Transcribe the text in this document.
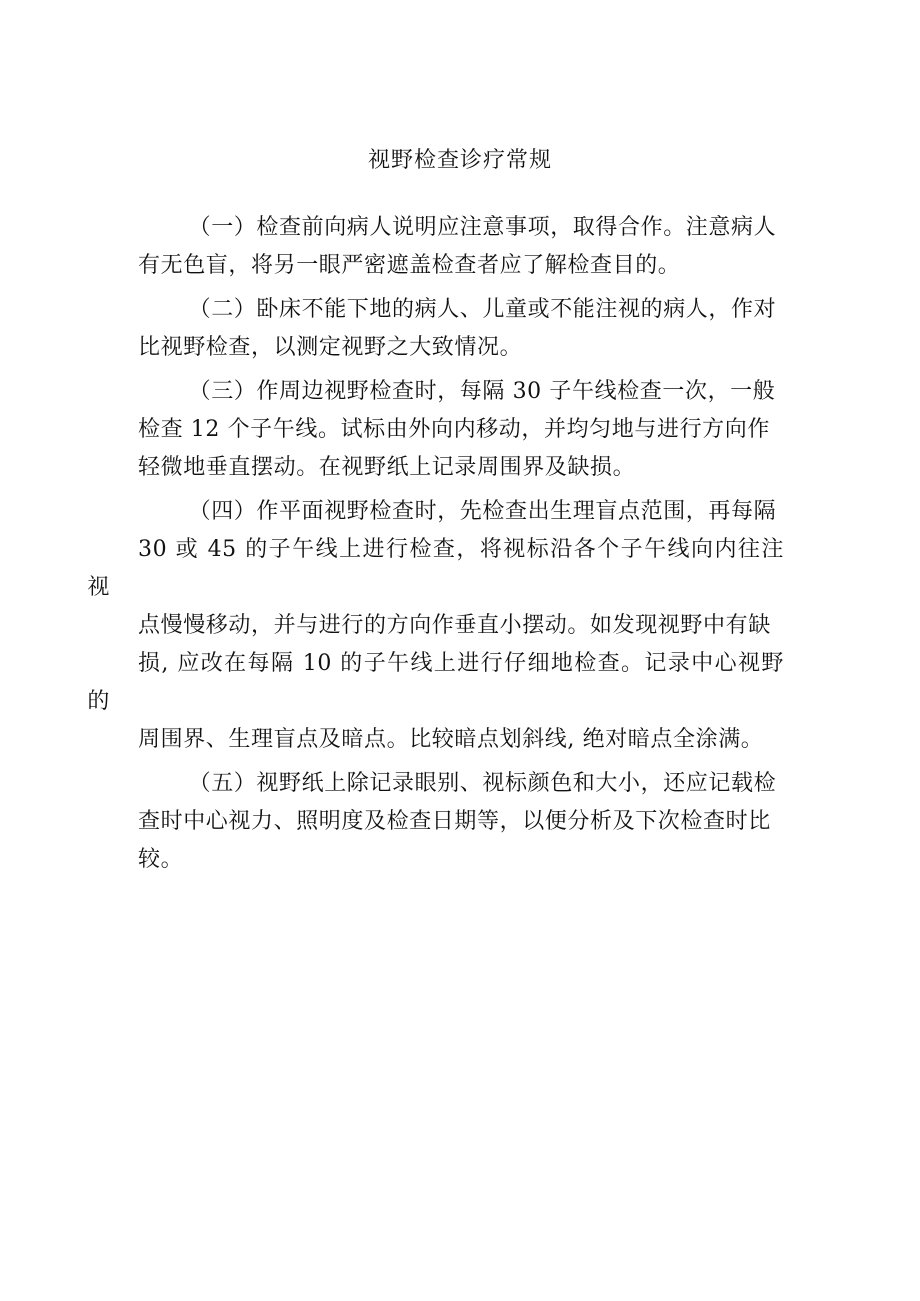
视野检查诊疗常规

（一）检查前向病人说明应注意事项，取得合作。注意病人
有无色盲，将另一眼严密遮盖检查者应了解检查目的。

（二）卧床不能下地的病人、儿童或不能注视的病人，作对
比视野检查，以测定视野之大致情况。

（三）作周边视野检查时，每隔 30 子午线检查一次，一般
检查 12 个子午线。试标由外向内移动，并均匀地与进行方向作
轻微地垂直摆动。在视野纸上记录周围界及缺损。

（四）作平面视野检查时，先检查出生理盲点范围，再每隔
30 或 45 的子午线上进行检查，将视标沿各个子午线向内往注视
点慢慢移动，并与进行的方向作垂直小摆动。如发现视野中有缺
损, 应改在每隔 10 的子午线上进行仔细地检查。记录中心视野的
周围界、生理盲点及暗点。比较暗点划斜线, 绝对暗点全涂满。

（五）视野纸上除记录眼别、视标颜色和大小，还应记载检
查时中心视力、照明度及检查日期等，以便分析及下次检查时比
较。
